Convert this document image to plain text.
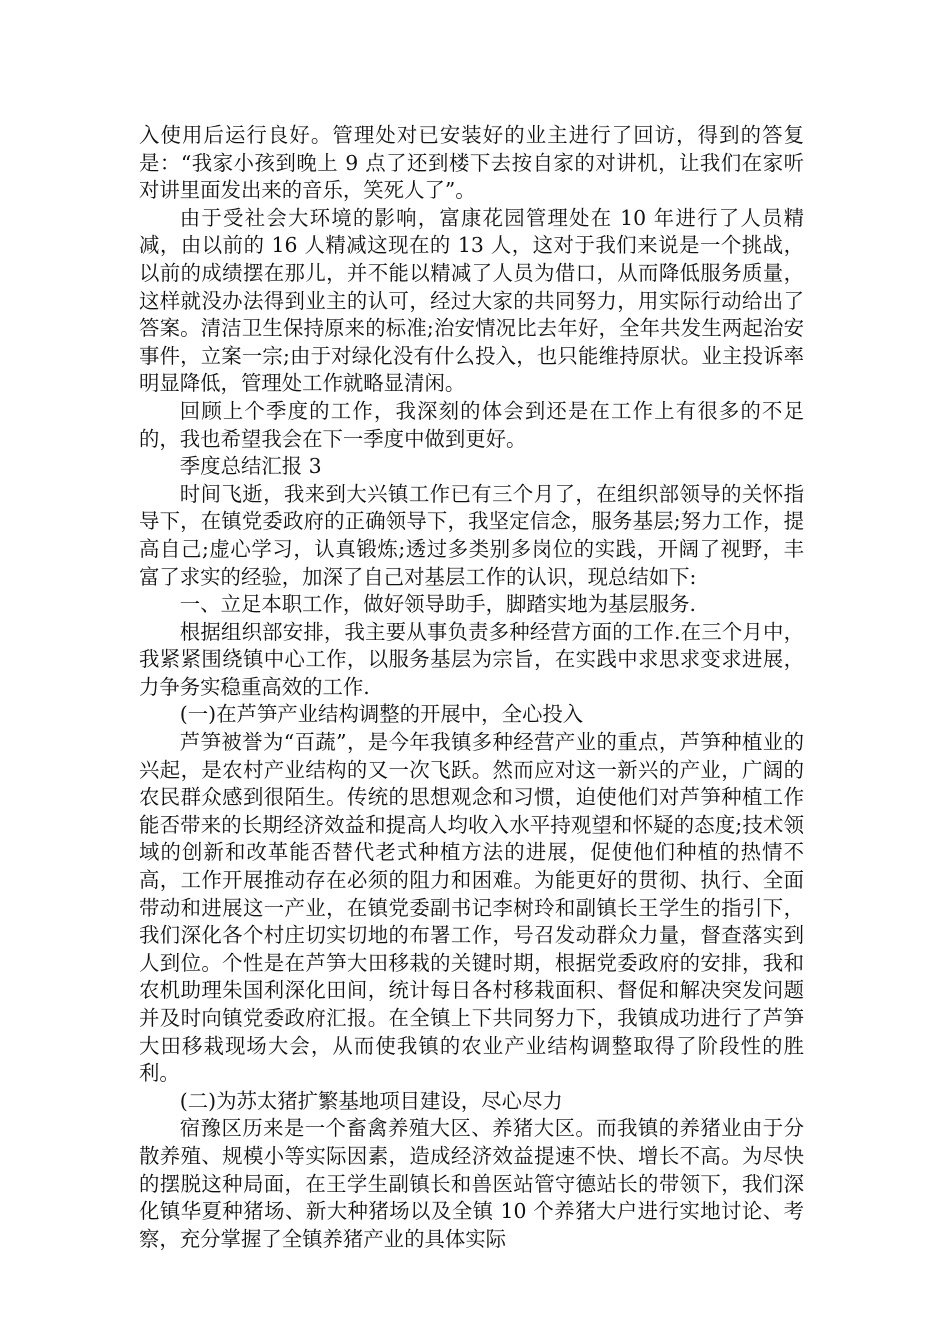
入使用后运行良好。管理处对已安装好的业主进行了回访，得到的答复是：“我家小孩到晚上 9 点了还到楼下去按自家的对讲机，让我们在家听对讲里面发出来的音乐，笑死人了”。

由于受社会大环境的影响，富康花园管理处在 10 年进行了人员精减，由以前的 16 人精减这现在的 13 人，这对于我们来说是一个挑战，以前的成绩摆在那儿，并不能以精减了人员为借口，从而降低服务质量，这样就没办法得到业主的认可，经过大家的共同努力，用实际行动给出了答案。清洁卫生保持原来的标准;治安情况比去年好，全年共发生两起治安事件，立案一宗;由于对绿化没有什么投入，也只能维持原状。业主投诉率明显降低，管理处工作就略显清闲。

回顾上个季度的工作，我深刻的体会到还是在工作上有很多的不足的，我也希望我会在下一季度中做到更好。

季度总结汇报 3

时间飞逝，我来到大兴镇工作已有三个月了，在组织部领导的关怀指导下，在镇党委政府的正确领导下，我坚定信念，服务基层;努力工作，提高自己;虚心学习，认真锻炼;透过多类别多岗位的实践，开阔了视野，丰富了求实的经验，加深了自己对基层工作的认识，现总结如下:

一、立足本职工作，做好领导助手，脚踏实地为基层服务.

根据组织部安排，我主要从事负责多种经营方面的工作.在三个月中，我紧紧围绕镇中心工作，以服务基层为宗旨，在实践中求思求变求进展，力争务实稳重高效的工作.

(一)在芦笋产业结构调整的开展中，全心投入

芦笋被誉为“百蔬”，是今年我镇多种经营产业的重点，芦笋种植业的兴起，是农村产业结构的又一次飞跃。然而应对这一新兴的产业，广阔的农民群众感到很陌生。传统的思想观念和习惯，迫使他们对芦笋种植工作能否带来的长期经济效益和提高人均收入水平持观望和怀疑的态度;技术领域的创新和改革能否替代老式种植方法的进展，促使他们种植的热情不高，工作开展推动存在必须的阻力和困难。为能更好的贯彻、执行、全面带动和进展这一产业，在镇党委副书记李树玲和副镇长王学生的指引下，我们深化各个村庄切实切地的布署工作，号召发动群众力量，督查落实到人到位。个性是在芦笋大田移栽的关键时期，根据党委政府的安排，我和农机助理朱国利深化田间，统计每日各村移栽面积、督促和解决突发问题并及时向镇党委政府汇报。在全镇上下共同努力下，我镇成功进行了芦笋大田移栽现场大会，从而使我镇的农业产业结构调整取得了阶段性的胜利。

(二)为苏太猪扩繁基地项目建设，尽心尽力

宿豫区历来是一个畜禽养殖大区、养猪大区。而我镇的养猪业由于分散养殖、规模小等实际因素，造成经济效益提速不快、增长不高。为尽快的摆脱这种局面，在王学生副镇长和兽医站管守德站长的带领下，我们深化镇华夏种猪场、新大种猪场以及全镇 10 个养猪大户进行实地讨论、考察，充分掌握了全镇养猪产业的具体实际
